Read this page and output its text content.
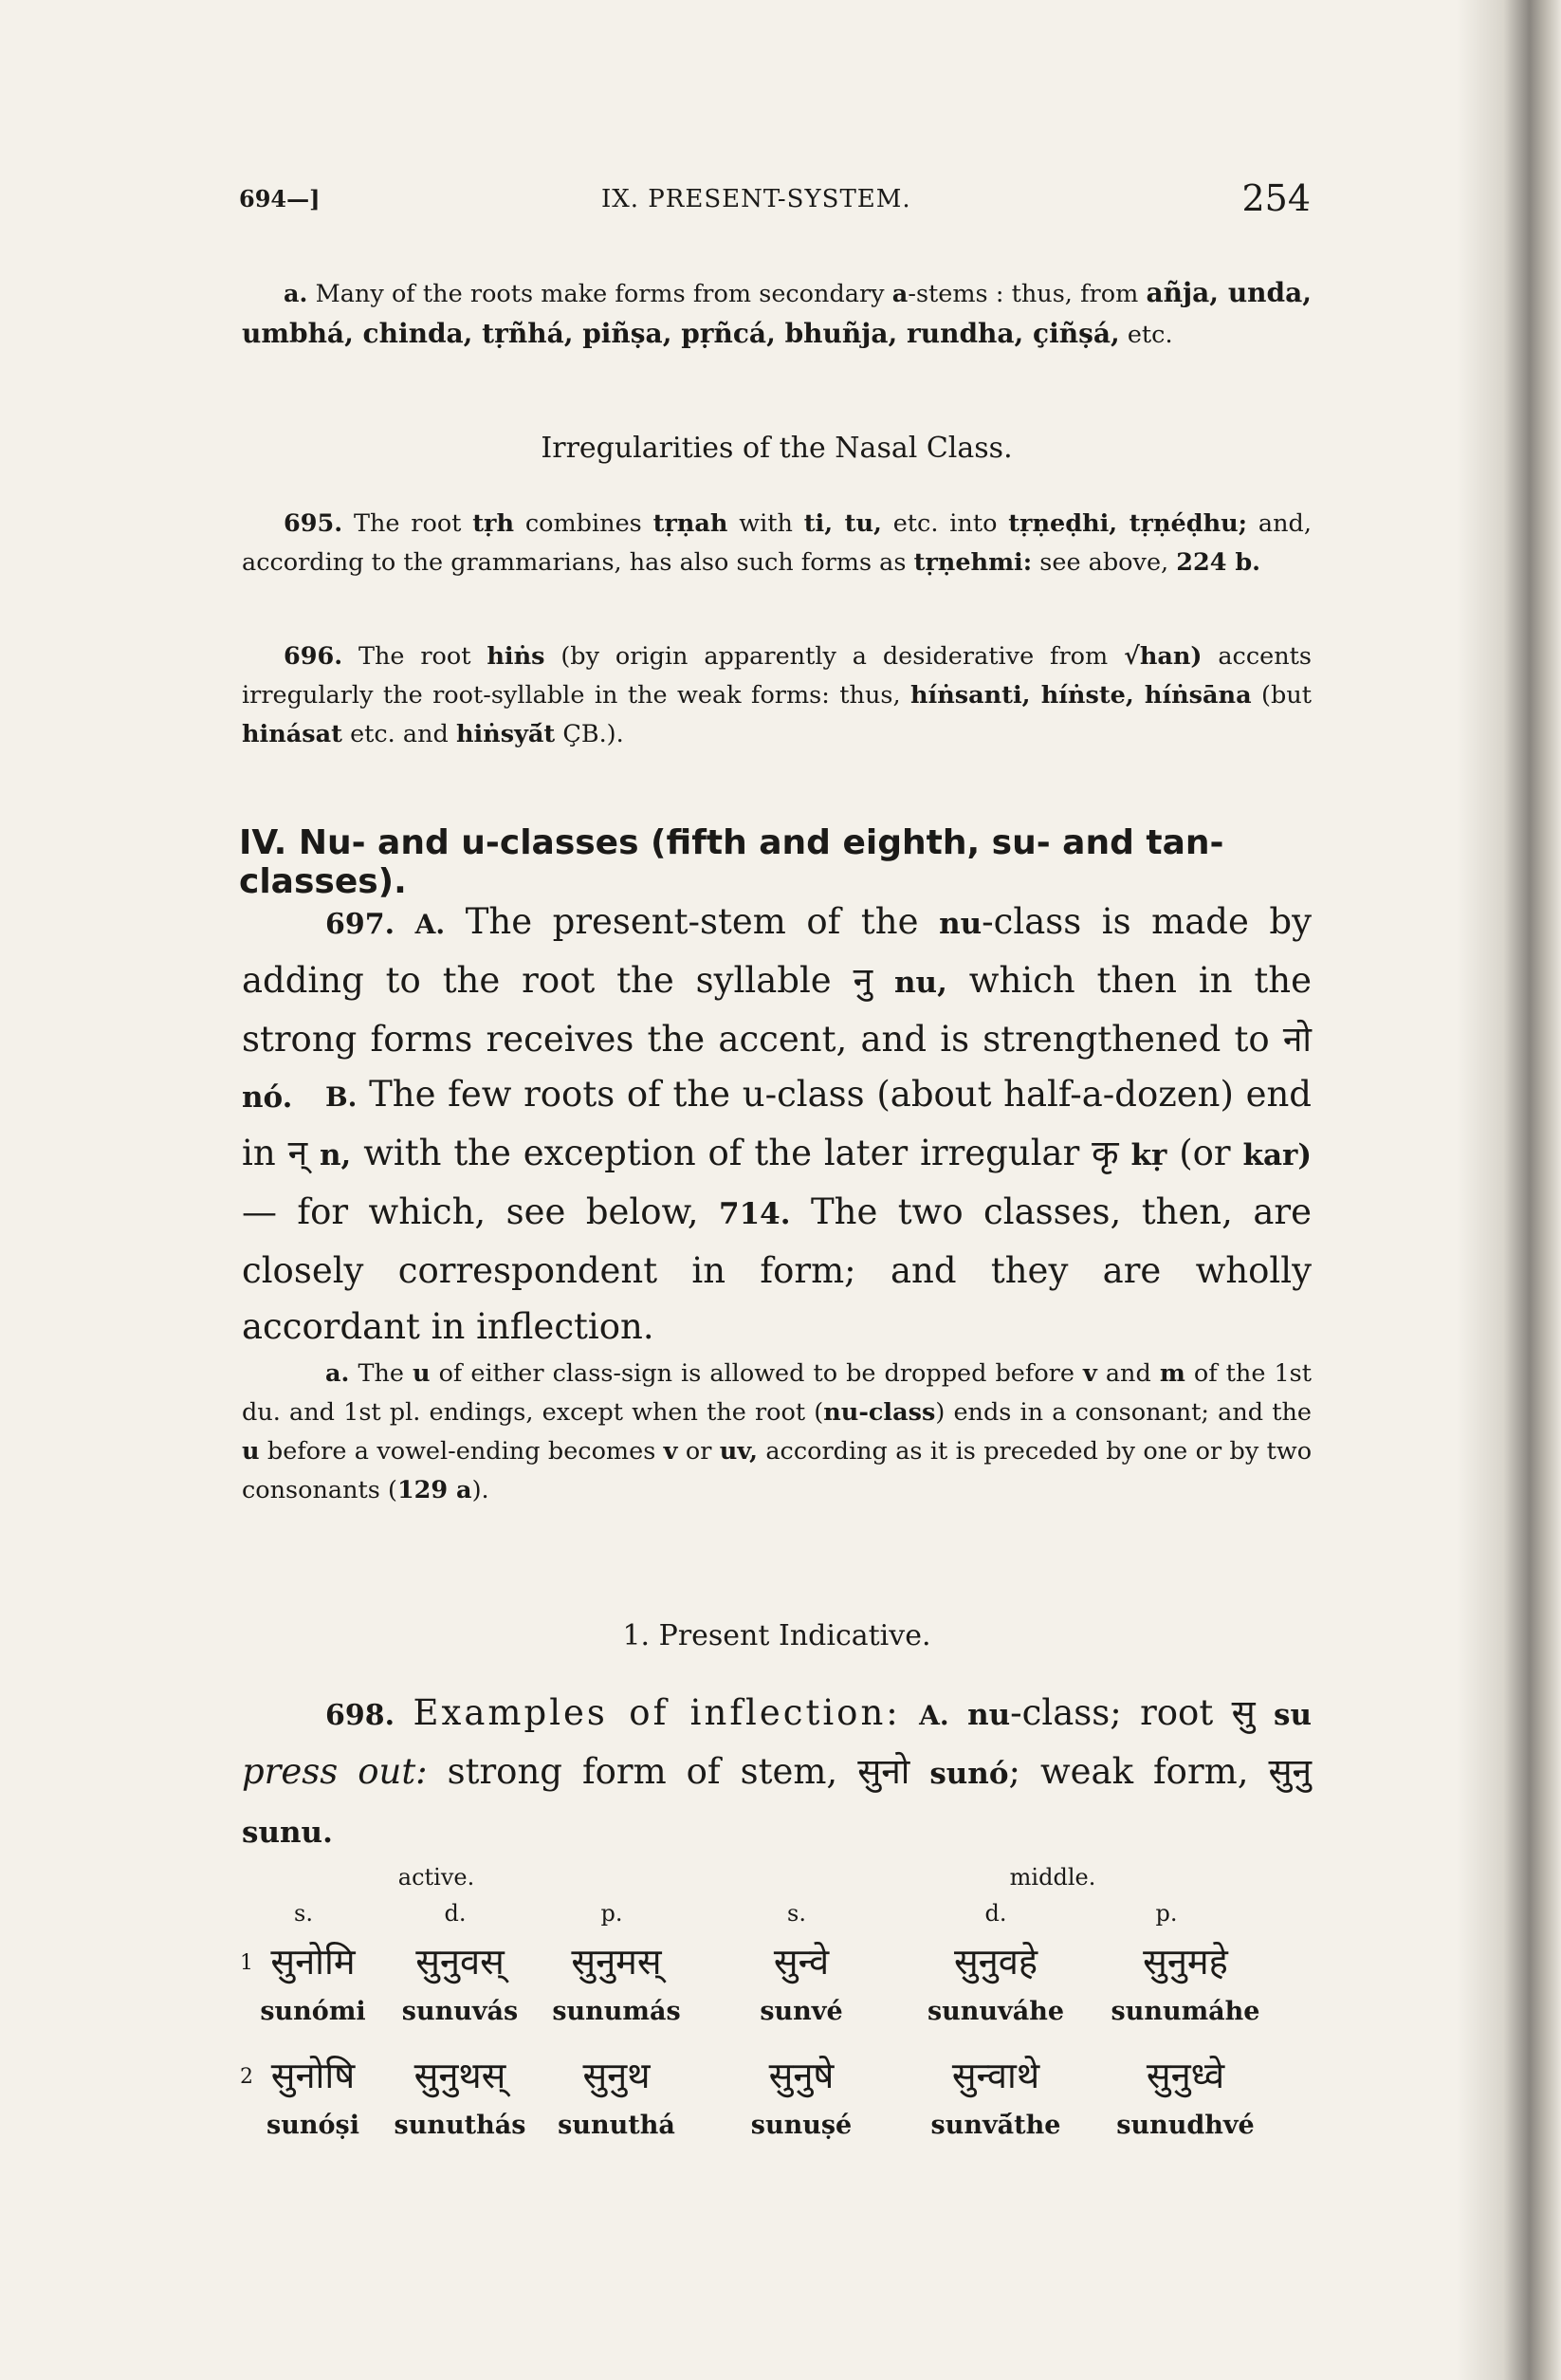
694—]	IX. PRESENT-SYSTEM.	254
a. Many of the roots make forms from secondary a-stems : thus, from añja, unda, umbhá, chinda, tṛñhá, piñṣa, pṛñcá, bhuñja, rundha, çiñṣá, etc.
Irregularities of the Nasal Class.
695. The root tṛh combines tṛṇah with ti, tu, etc. into tṛṇeḍhi, tṛṇéḍhu; and, according to the grammarians, has also such forms as tṛṇehmi: see above, 224 b.
696. The root hiṅs (by origin apparently a desiderative from √han) accents irregularly the root-syllable in the weak forms: thus, híṅsanti, híṅste, híṅsāna (but hinásat etc. and hiṅsyā́t ÇB.).
IV. Nu- and u-classes (fifth and eighth, su- and tan-classes).
697. A. The present-stem of the nu-class is made by adding to the root the syllable नु nu, which then in the strong forms receives the accent, and is strengthened to नो nó.	B. The few roots of the u-class (about half-a-dozen) end in न् n, with the exception of the later irregular कृ kṛ (or kar) — for which, see below, 714. The two classes, then, are closely correspondent in form; and they are wholly accordant in inflection.
a. The u of either class-sign is allowed to be dropped before v and m of the 1st du. and 1st pl. endings, except when the root (nu-class) ends in a consonant; and the u before a vowel-ending becomes v or uv, according as it is preceded by one or by two consonants (129 a).
1. Present Indicative.
698. Examples of inflection: A. nu-class; root सु su press out: strong form of stem, सुनो sunó; weak form, सुनु sunu.
active.	middle.
s.	d.	p.	s.	d.	p.
1 सुनोमि	सुनुवस्	सुनुमस्	सुन्वे	सुनुवहे	सुनुमहे
sunómi	sunuvás	sunumás	sunvé	sunuváhe	sunumáhe
2 सुनोषि	सुनुथस्	सुनुथ	सुनुषे	सुन्वाथे	सुनुध्वे
sunóṣi	sunuthás	sunuthá	sunuṣé	sunvā́the	sunudhvé
